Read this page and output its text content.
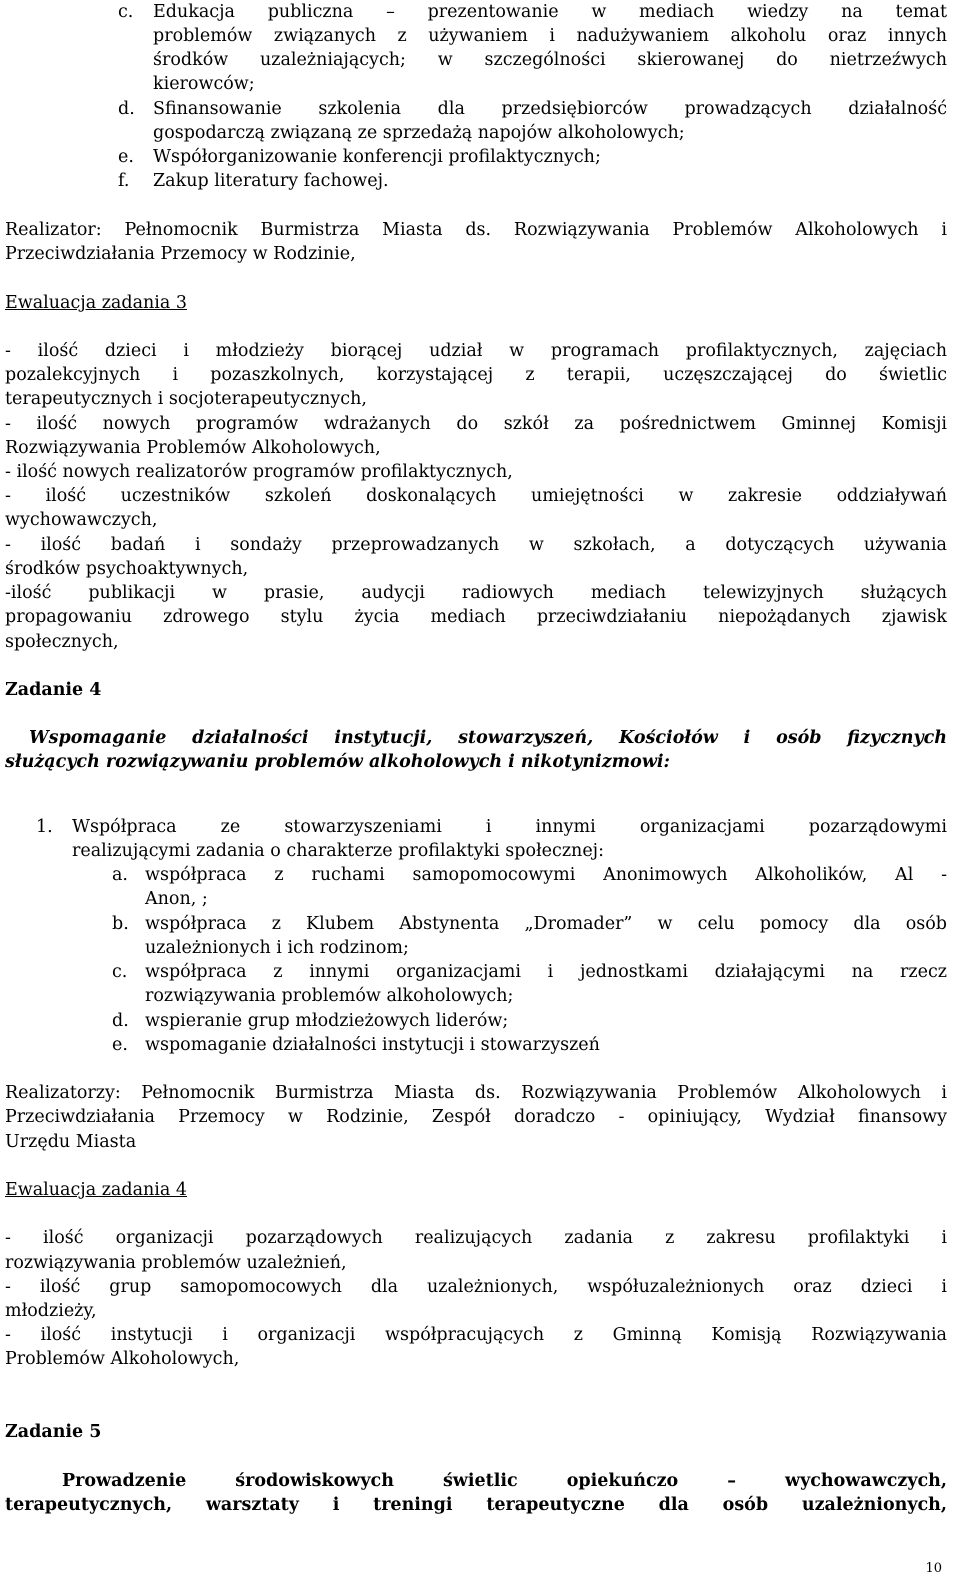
c. Edukacja publiczna – prezentowanie w mediach wiedzy na temat
problemów związanych z używaniem i nadużywaniem alkoholu oraz innych
środków uzależniających; w szczególności skierowanej do nietrzeźwych
kierowców;
d. Sfinansowanie szkolenia dla przedsiębiorców prowadzących działalność
gospodarczą związaną ze sprzedażą napojów alkoholowych;
e. Współorganizowanie konferencji profilaktycznych;
f. Zakup literatury fachowej.
Realizator: Pełnomocnik Burmistrza Miasta ds. Rozwiązywania Problemów Alkoholowych i
Przeciwdziałania Przemocy w Rodzinie,
Ewaluacja zadania 3
- ilość dzieci i młodzieży biorącej udział w programach profilaktycznych, zajęciach
pozalekcyjnych i pozaszkolnych, korzystającej z terapii, uczęszczającej do świetlic
terapeutycznych i socjoterapeutycznych,
- ilość nowych programów wdrażanych do szkół za pośrednictwem Gminnej Komisji
Rozwiązywania Problemów Alkoholowych,
- ilość nowych realizatorów programów profilaktycznych,
- ilość uczestników szkoleń doskonalących umiejętności w zakresie oddziaływań
wychowawczych,
- ilość badań i sondaży przeprowadzanych w szkołach, a dotyczących używania
środków psychoaktywnych,
-ilość publikacji w prasie, audycji radiowych mediach telewizyjnych służących
propagowaniu zdrowego stylu życia mediach przeciwdziałaniu niepożądanych zjawisk
społecznych,
Zadanie 4
Wspomaganie działalności instytucji, stowarzyszeń, Kościołów i osób fizycznych
służących rozwiązywaniu problemów alkoholowych i nikotynizmowi:
1. Współpraca ze stowarzyszeniami i innymi organizacjami pozarządowymi
realizującymi zadania o charakterze profilaktyki społecznej:
a. współpraca z ruchami samopomocowymi Anonimowych Alkoholików, Al -
Anon, ;
b. współpraca z Klubem Abstynenta „Dromader” w celu pomocy dla osób
uzależnionych i ich rodzinom;
c. współpraca z innymi organizacjami i jednostkami działającymi na rzecz
rozwiązywania problemów alkoholowych;
d. wspieranie grup młodzieżowych liderów;
e. wspomaganie działalności instytucji i stowarzyszeń
Realizatorzy: Pełnomocnik Burmistrza Miasta ds. Rozwiązywania Problemów Alkoholowych i
Przeciwdziałania Przemocy w Rodzinie, Zespół doradczo - opiniujący, Wydział finansowy
Urzędu Miasta
Ewaluacja zadania 4
- ilość organizacji pozarządowych realizujących zadania z zakresu profilaktyki i
rozwiązywania problemów uzależnień,
- ilość grup samopomocowych dla uzależnionych, współuzależnionych oraz dzieci i
młodzieży,
- ilość instytucji i organizacji współpracujących z Gminną Komisją Rozwiązywania
Problemów Alkoholowych,
Zadanie 5
Prowadzenie środowiskowych świetlic opiekuńczo – wychowawczych,
terapeutycznych, warsztaty i treningi terapeutyczne dla osób uzależnionych,
10
